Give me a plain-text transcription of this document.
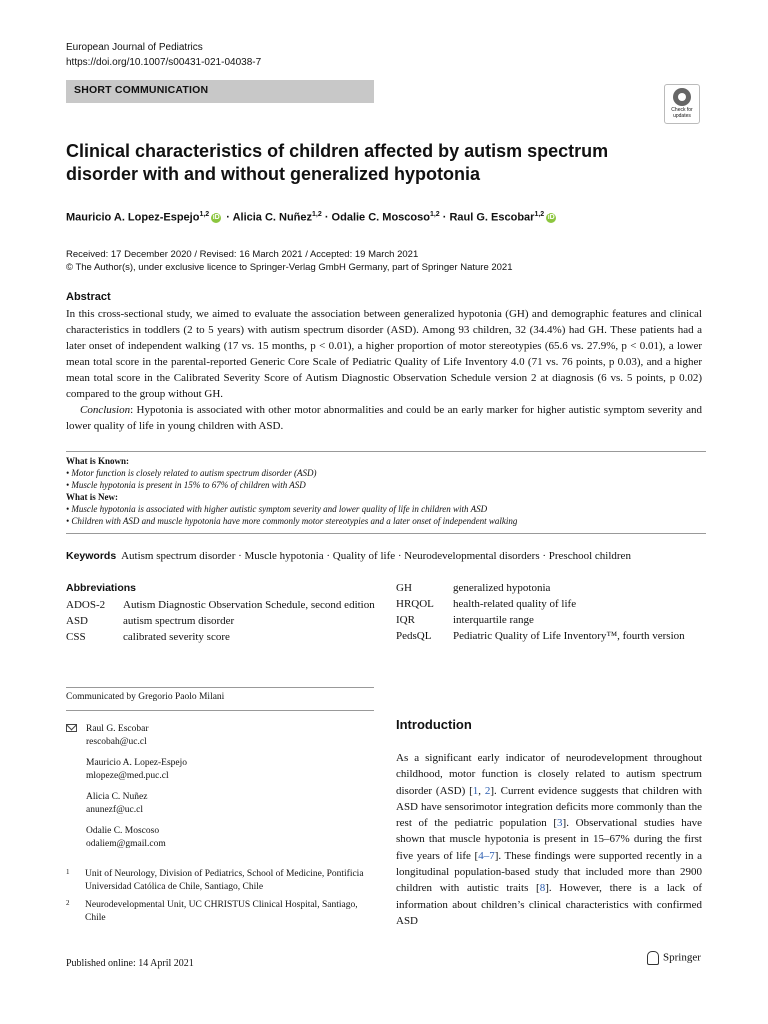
European Journal of Pediatrics
https://doi.org/10.1007/s00431-021-04038-7
SHORT COMMUNICATION
Check for updates
Clinical characteristics of children affected by autism spectrum disorder with and without generalized hypotonia
Mauricio A. Lopez-Espejo$^{1,2}$ iD · Alicia C. Nuñez$^{1,2}$ · Odalie C. Moscoso$^{1,2}$ · Raul G. Escobar$^{1,2}$ iD
Received: 17 December 2020 / Revised: 16 March 2021 / Accepted: 19 March 2021
© The Author(s), under exclusive licence to Springer-Verlag GmbH Germany, part of Springer Nature 2021
Abstract

In this cross-sectional study, we aimed to evaluate the association between generalized hypotonia (GH) and demographic features and clinical characteristics in toddlers (2 to 5 years) with autism spectrum disorder (ASD). Among 93 children, 32 (34.4%) had GH. These patients had a later onset of independent walking (17 vs. 15 months, p < 0.01), a higher proportion of motor stereotypies (65.6 vs. 27.9%, p < 0.01), a lower mean total score in the parental-reported Generic Core Scale of Pediatric Quality of Life Inventory 4.0 (71 vs. 76 points, p 0.03), and a higher mean total score in the Calibrated Severity Score of Autism Diagnostic Observation Schedule version 2 at diagnosis (6 vs. 5 points, p 0.02) compared to the group without GH.

Conclusion: Hypotonia is associated with other motor abnormalities and could be an early marker for higher autistic symptom severity and lower quality of life in young children with ASD.

What is Known:
• Motor function is closely related to autism spectrum disorder (ASD)
• Muscle hypotonia is present in 15% to 67% of children with ASD
What is New:
• Muscle hypotonia is associated with higher autistic symptom severity and lower quality of life in children with ASD
• Children with ASD and muscle hypotonia have more commonly motor stereotypies and a later onset of independent walking
Keywords Autism spectrum disorder · Muscle hypotonia · Quality of life · Neurodevelopmental disorders · Preschool children
Abbreviations
ADOS-2	Autism Diagnostic Observation Schedule, second edition
ASD	autism spectrum disorder
CSS	calibrated severity score
GH	generalized hypotonia
HRQOL	health-related quality of life
IQR	interquartile range
PedsQL	Pediatric Quality of Life Inventory™, fourth version
Communicated by Gregorio Paolo Milani
Raul G. Escobar
rescobah@uc.cl
Mauricio A. Lopez-Espejo
mlopeze@med.puc.cl
Alicia C. Nuñez
anunezf@uc.cl
Odalie C. Moscoso
odaliem@gmail.com
1 Unit of Neurology, Division of Pediatrics, School of Medicine, Pontificia Universidad Católica de Chile, Santiago, Chile
2 Neurodevelopmental Unit, UC CHRISTUS Clinical Hospital, Santiago, Chile
Introduction
As a significant early indicator of neurodevelopment throughout childhood, motor function is closely related to autism spectrum disorder (ASD) [1, 2]. Current evidence suggests that children with ASD have sensorimotor integration deficits more commonly than the rest of the pediatric population [3]. Observational studies have shown that muscle hypotonia is present in 15–67% during the first five years of life [4–7]. These findings were supported recently in a longitudinal population-based study that included more than 2900 children with autistic traits [8]. However, there is a lack of information about children’s clinical characteristics with confirmed ASD
Published online: 14 April 2021	Springer
